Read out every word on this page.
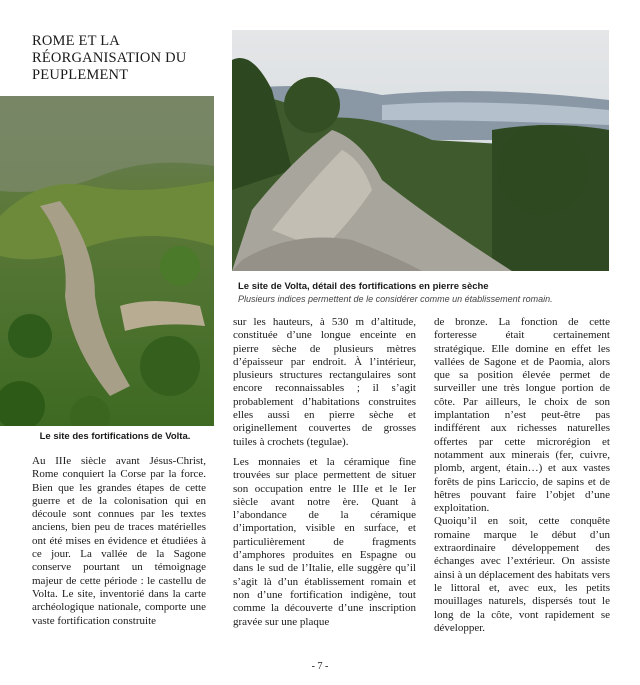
ROME ET LA RÉORGANISATION DU PEUPLEMENT
Le site des fortifications de Volta.
Le site de Volta, détail des fortifications en pierre sèche
Plusieurs indices permettent de le considérer comme un établissement romain.

Au IIIe siècle avant Jésus-Christ, Rome conquiert la Corse par la force. Bien que les grandes étapes de cette guerre et de la colonisation qui en découle sont connues par les textes anciens, bien peu de traces matérielles ont été mises en évidence et étudiées à ce jour. La vallée de la Sagone conserve pourtant un témoignage majeur de cette période : le castellu de Volta. Le site, inventorié dans la carte archéologique nationale, comporte une vaste fortification construite

sur les hauteurs, à 530 m d’altitude, constituée d’une longue enceinte en pierre sèche de plusieurs mètres d’épaisseur par endroit. À l’intérieur, plusieurs structures rectangulaires sont encore reconnaissables ; il s’agit probablement d’habitations construites elles aussi en pierre sèche et originellement couvertes de grosses tuiles à crochets (tegulae).

Les monnaies et la céramique fine trouvées sur place permettent de situer son occupation entre le IIIe et le Ier siècle avant notre ère. Quant à l’abondance de la céramique d’importation, visible en surface, et particulièrement de fragments d’amphores produites en Espagne ou dans le sud de l’Italie, elle suggère qu’il s’agit là d’un établissement romain et non d’une fortification indigène, tout comme la découverte d’une inscription gravée sur une plaque

de bronze. La fonction de cette forteresse était certainement stratégique. Elle domine en effet les vallées de Sagone et de Paomia, alors que sa position élevée permet de surveiller une très longue portion de côte. Par ailleurs, le choix de son implantation n’est peut-être pas indifférent aux richesses naturelles offertes par cette microrégion et notamment aux minerais (fer, cuivre, plomb, argent, étain…) et aux vastes forêts de pins Lariccio, de sapins et de hêtres pouvant faire l’objet d’une exploitation.

Quoiqu’il en soit, cette conquête romaine marque le début d’un extraordinaire développement des échanges avec l’extérieur. On assiste ainsi à un déplacement des habitats vers le littoral et, avec eux, les petits mouillages naturels, dispersés tout le long de la côte, vont rapidement se développer.

- 7 -
